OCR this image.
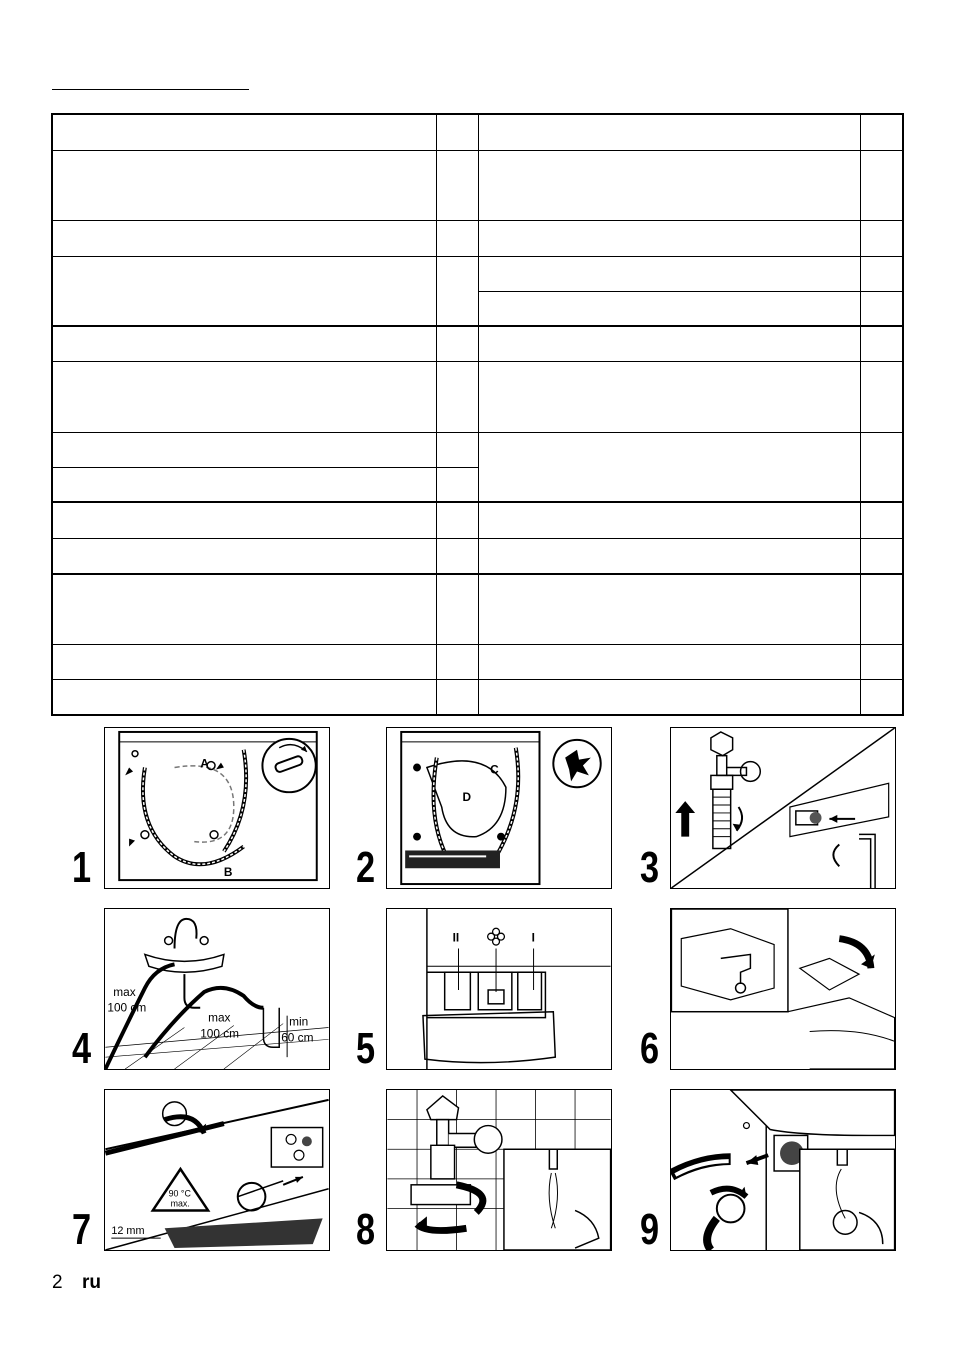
1
A
B	2
D
C
3
4
max
100 cm
max
100 cm
min
60 cm 5
II	I
6
7
90 °C
max.
12 mm	8	9
2 ru
